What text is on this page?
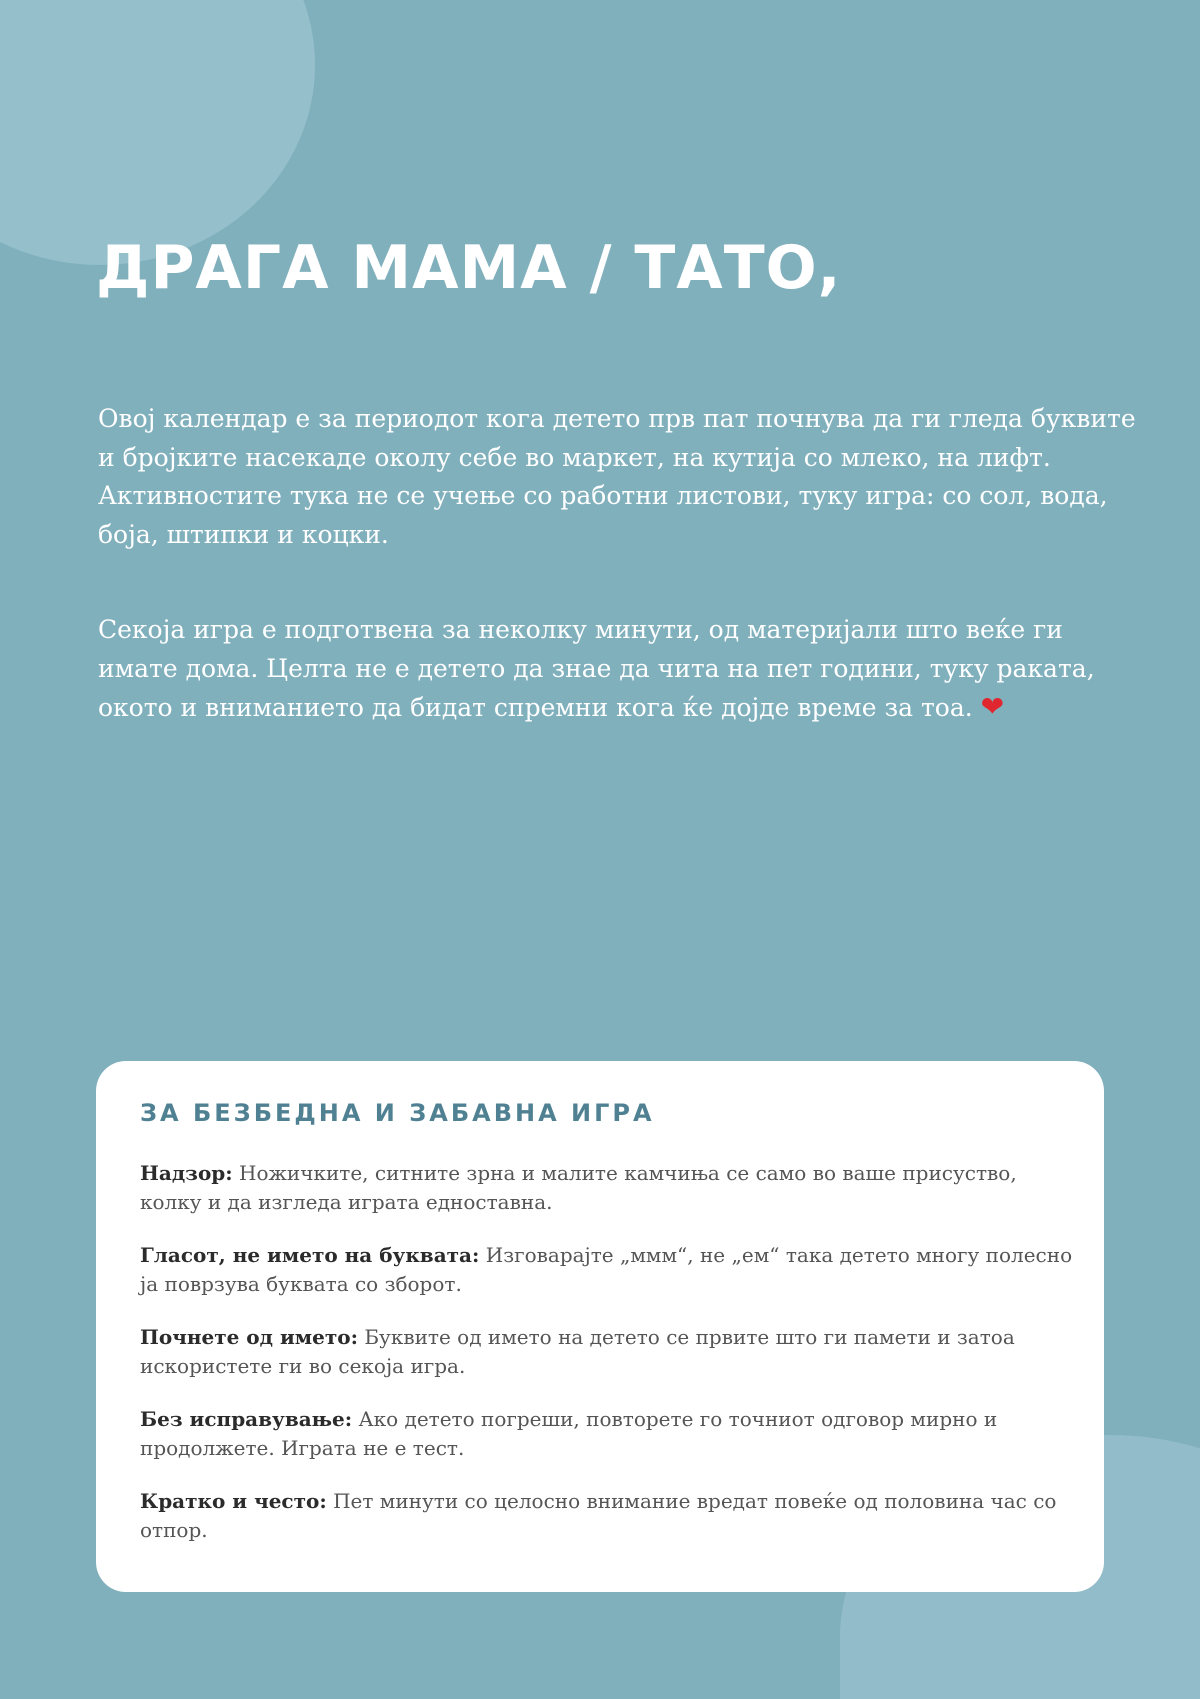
ДРАГА МАМА / ТАТО,

Овој календар е за периодот кога детето прв пат почнува да ги гледа буквите и бројките насекаде околу себе во маркет, на кутија со млеко, на лифт. Активностите тука не се учење со работни листови, туку игра: со сол, вода, боја, штипки и коцки.

Секоја игра е подготвена за неколку минути, од материјали што веќе ги имате дома. Целта не е детето да знае да чита на пет години, туку раката, окото и вниманието да бидат спремни кога ќе дојде време за тоа. ❤

ЗА БЕЗБЕДНА И ЗАБАВНА ИГРА

Надзор: Ножичките, ситните зрна и малите камчиња се само во ваше присуство, колку и да изгледа играта едноставна.

Гласот, не името на буквата: Изговарајте „ммм“, не „ем“ така детето многу полесно ја поврзува буквата со зборот.

Почнете од името: Буквите од името на детето се првите што ги памети и затоа искористете ги во секоја игра.

Без исправување: Ако детето погреши, повторете го точниот одговор мирно и продолжете. Играта не е тест.

Кратко и често: Пет минути со целосно внимание вредат повеќе од половина час со отпор.
